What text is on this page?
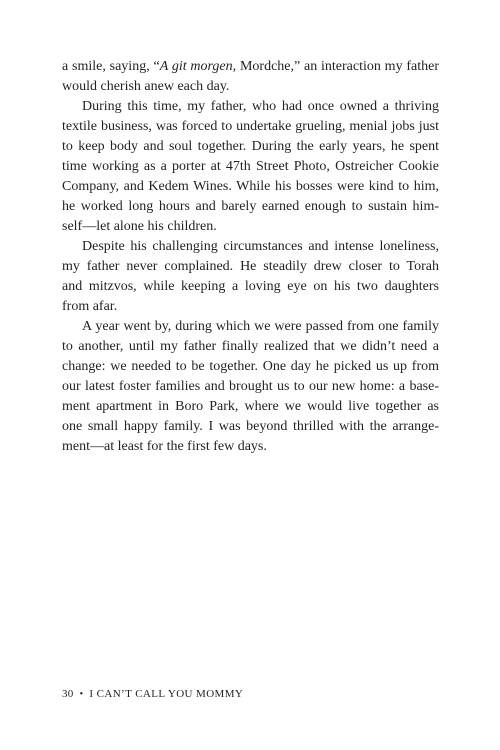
a smile, saying, “A git morgen, Mordche,” an interaction my father
would cherish anew each day.

During this time, my father, who had once owned a thriving
textile business, was forced to undertake grueling, menial jobs just
to keep body and soul together. During the early years, he spent
time working as a porter at 47th Street Photo, Ostreicher Cookie
Company, and Kedem Wines. While his bosses were kind to him,
he worked long hours and barely earned enough to sustain him-
self—let alone his children.

Despite his challenging circumstances and intense loneliness,
my father never complained. He steadily drew closer to Torah
and mitzvos, while keeping a loving eye on his two daughters
from afar.

A year went by, during which we were passed from one family
to another, until my father finally realized that we didn’t need a
change: we needed to be together. One day he picked us up from
our latest foster families and brought us to our new home: a base-
ment apartment in Boro Park, where we would live together as
one small happy family. I was beyond thrilled with the arrange-
ment—at least for the first few days.

30 • I CAN’T CALL YOU MOMMY
